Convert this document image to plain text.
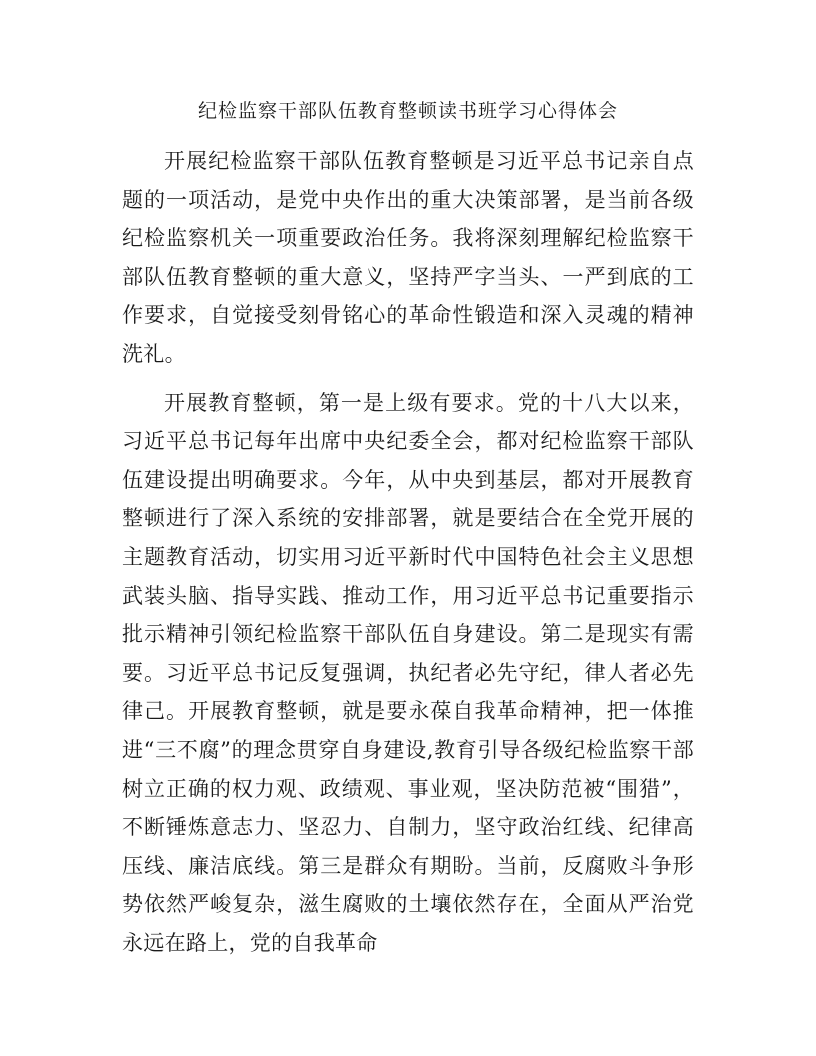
纪检监察干部队伍教育整顿读书班学习心得体会

开展纪检监察干部队伍教育整顿是习近平总书记亲自点题的一项活动，是党中央作出的重大决策部署，是当前各级纪检监察机关一项重要政治任务。我将深刻理解纪检监察干部队伍教育整顿的重大意义，坚持严字当头、一严到底的工作要求，自觉接受刻骨铭心的革命性锻造和深入灵魂的精神洗礼。

开展教育整顿，第一是上级有要求。党的十八大以来，习近平总书记每年出席中央纪委全会，都对纪检监察干部队伍建设提出明确要求。今年，从中央到基层，都对开展教育整顿进行了深入系统的安排部署，就是要结合在全党开展的主题教育活动，切实用习近平新时代中国特色社会主义思想武装头脑、指导实践、推动工作，用习近平总书记重要指示批示精神引领纪检监察干部队伍自身建设。第二是现实有需要。习近平总书记反复强调，执纪者必先守纪，律人者必先律己。开展教育整顿，就是要永葆自我革命精神，把一体推进“三不腐”的理念贯穿自身建设,教育引导各级纪检监察干部树立正确的权力观、政绩观、事业观，坚决防范被“围猎”，不断锤炼意志力、坚忍力、自制力，坚守政治红线、纪律高压线、廉洁底线。第三是群众有期盼。当前，反腐败斗争形势依然严峻复杂，滋生腐败的土壤依然存在，全面从严治党永远在路上，党的自我革命
